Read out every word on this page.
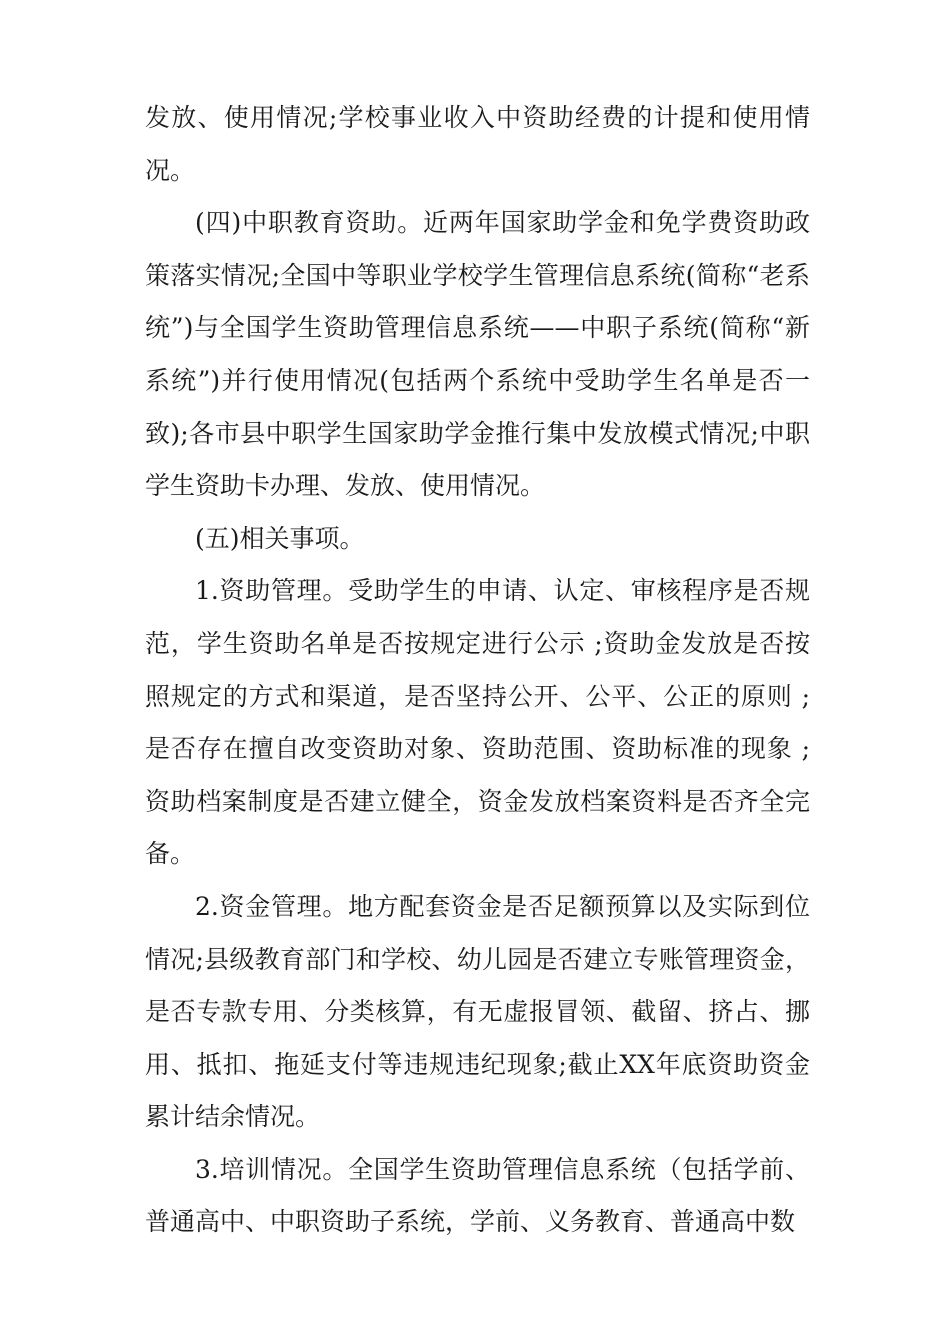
发放、使用情况;学校事业收入中资助经费的计提和使用情况。

(四)中职教育资助。近两年国家助学金和免学费资助政策落实情况;全国中等职业学校学生管理信息系统(简称“老系统”)与全国学生资助管理信息系统——中职子系统(简称“新系统”)并行使用情况(包括两个系统中受助学生名单是否一致);各市县中职学生国家助学金推行集中发放模式情况;中职学生资助卡办理、发放、使用情况。

(五)相关事项。

1.资助管理。受助学生的申请、认定、审核程序是否规范，学生资助名单是否按规定进行公示 ;资助金发放是否按照规定的方式和渠道，是否坚持公开、公平、公正的原则 ;是否存在擅自改变资助对象、资助范围、资助标准的现象 ;资助档案制度是否建立健全，资金发放档案资料是否齐全完备。

2.资金管理。地方配套资金是否足额预算以及实际到位情况;县级教育部门和学校、幼儿园是否建立专账管理资金，是否专款专用、分类核算，有无虚报冒领、截留、挤占、挪用、抵扣、拖延支付等违规违纪现象;截止XX年底资助资金累计结余情况。

3.培训情况。全国学生资助管理信息系统（包括学前、普通高中、中职资助子系统，学前、义务教育、普通高中数
